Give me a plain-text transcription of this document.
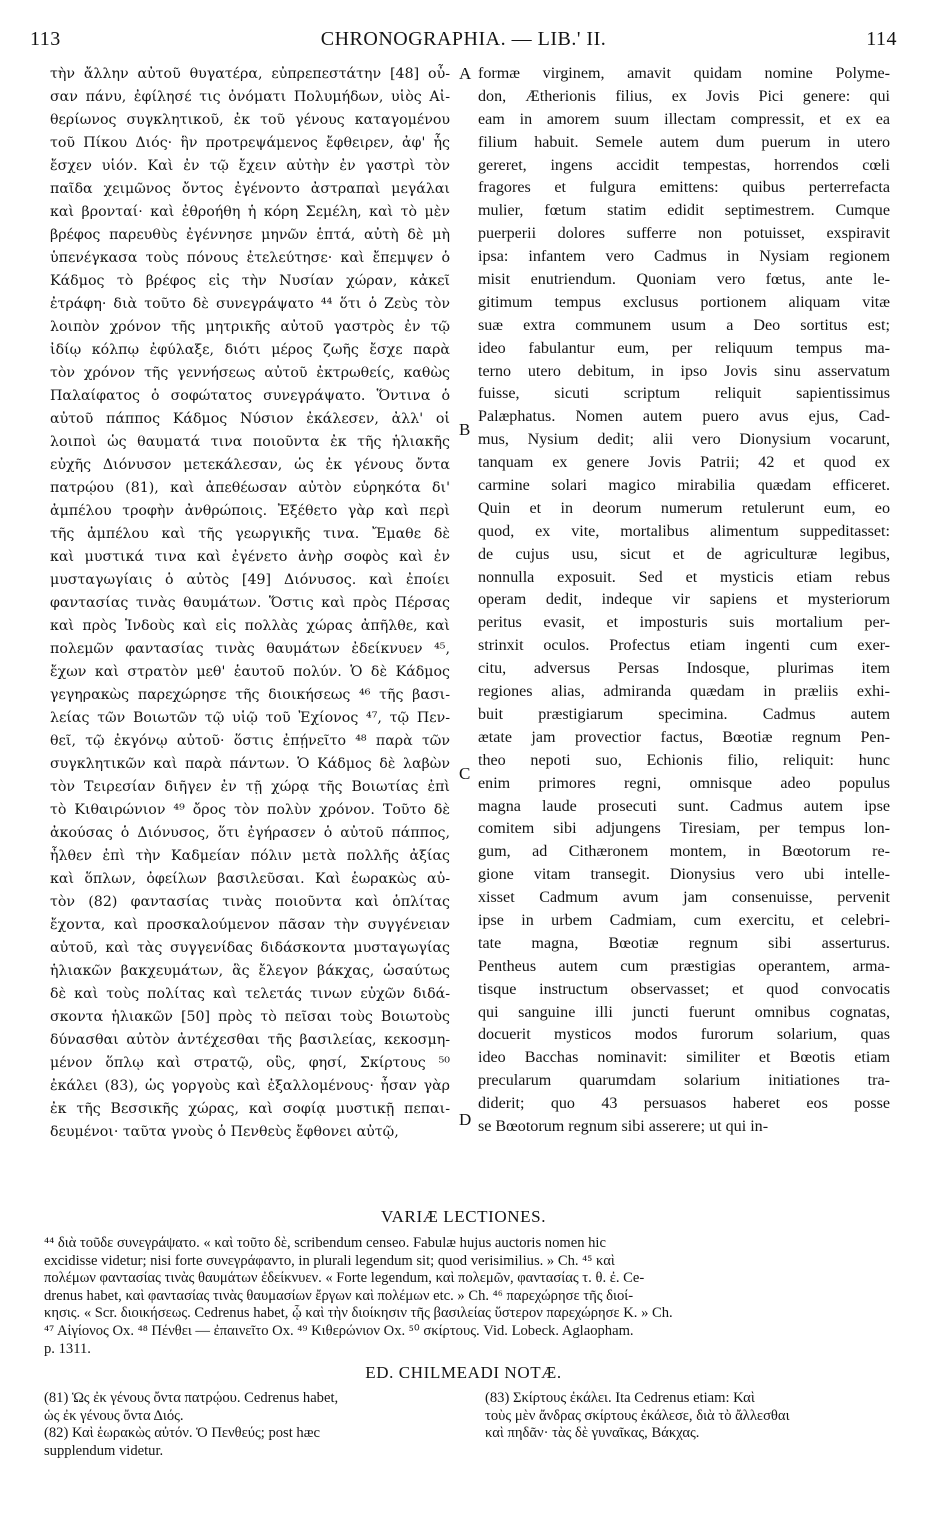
113	CHRONOGRAPHIA. — LIB.' II.	114
τὴν ἄλλην αὐτοῦ θυγατέρα, εὐπρεπεστάτην [48] οὖ-
σαν πάνυ, ἐφίλησέ τις ὀνόματι Πολυμήδων, υἱὸς Αἰ-
θερίωνος συγκλητικοῦ, ἐκ τοῦ γένους καταγομένου
τοῦ Πίκου Διός· ἣν προτρεψάμενος ἔφθειρεν, ἀφ' ἧς
ἔσχεν υἱόν. Καὶ ἐν τῷ ἔχειν αὐτὴν ἐν γαστρὶ τὸν
παῖδα χειμῶνος ὄντος ἐγένοντο ἀστραπαὶ μεγάλαι
καὶ βρονταί· καὶ ἐθροήθη ἡ κόρη Σεμέλη, καὶ τὸ μὲν
βρέφος παρευθὺς ἐγέννησε μηνῶν ἑπτά, αὐτὴ δὲ μὴ
ὑπενέγκασα τοὺς πόνους ἐτελεύτησε· καὶ ἔπεμψεν ὁ
Κάδμος τὸ βρέφος εἰς τὴν Νυσίαν χώραν, κἀκεῖ
ἐτράφη· διὰ τοῦτο δὲ συνεγράψατο ⁴⁴ ὅτι ὁ Ζεὺς τὸν
λοιπὸν χρόνον τῆς μητρικῆς αὐτοῦ γαστρὸς ἐν τῷ
ἰδίῳ κόλπῳ ἐφύλαξε, διότι μέρος ζωῆς ἔσχε παρὰ
τὸν χρόνον τῆς γεννήσεως αὐτοῦ ἐκτρωθείς, καθὼς
Παλαίφατος ὁ σοφώτατος συνεγράψατο. Ὅντινα ὁ
αὐτοῦ πάππος Κάδμος Νύσιον ἐκάλεσεν, ἀλλ' οἱ
λοιποὶ ὡς θαυματά τινα ποιοῦντα ἐκ τῆς ἡλιακῆς
εὐχῆς Διόνυσον μετεκάλεσαν, ὡς ἐκ γένους ὄντα
πατρῴου (81), καὶ ἀπεθέωσαν αὐτὸν εὑρηκότα δι'
ἀμπέλου τροφὴν ἀνθρώποις. Ἐξέθετο γὰρ καὶ περὶ
τῆς ἀμπέλου καὶ τῆς γεωργικῆς τινα. Ἔμαθε δὲ
καὶ μυστικά τινα καὶ ἐγένετο ἀνὴρ σοφὸς καὶ ἐν
μυσταγωγίαις ὁ αὐτὸς [49] Διόνυσος. καὶ ἐποίει
φαντασίας τινὰς θαυμάτων. Ὅστις καὶ πρὸς Πέρσας
καὶ πρὸς Ἰνδοὺς καὶ εἰς πολλὰς χώρας ἀπῆλθε, καὶ
πολεμῶν φαντασίας τινὰς θαυμάτων ἐδείκνυεν ⁴⁵,
ἔχων καὶ στρατὸν μεθ' ἑαυτοῦ πολύν. Ὁ δὲ Κάδμος
γεγηρακὼς παρεχώρησε τῆς διοικήσεως ⁴⁶ τῆς βασι-
λείας τῶν Βοιωτῶν τῷ υἱῷ τοῦ Ἐχίονος ⁴⁷, τῷ Πεν-
θεῖ, τῷ ἐκγόνῳ αὐτοῦ· ὅστις ἐπῄνεῖτο ⁴⁸ παρὰ τῶν
συγκλητικῶν καὶ παρὰ πάντων. Ὁ Κάδμος δὲ λαβὼν
τὸν Τειρεσίαν διῆγεν ἐν τῇ χώρᾳ τῆς Βοιωτίας ἐπὶ
τὸ Κιθαιρώνιον ⁴⁹ ὄρος τὸν πολὺν χρόνον. Τοῦτο δὲ
ἀκούσας ὁ Διόνυσος, ὅτι ἐγήρασεν ὁ αὐτοῦ πάππος,
ἦλθεν ἐπὶ τὴν Καδμείαν πόλιν μετὰ πολλῆς ἀξίας
καὶ ὅπλων, ὀφείλων βασιλεῦσαι. Καὶ ἑωρακὼς αὐ-
τὸν (82) φαντασίας τινὰς ποιοῦντα καὶ ὁπλίτας
ἔχοντα, καὶ προσκαλούμενον πᾶσαν τὴν συγγένειαν
αὐτοῦ, καὶ τὰς συγγενίδας διδάσκοντα μυσταγωγίας
ἡλιακῶν βακχευμάτων, ἃς ἔλεγον βάκχας, ὡσαύτως
δὲ καὶ τοὺς πολίτας καὶ τελετάς τινων εὐχῶν διδά-
σκοντα ἡλιακῶν [50] πρὸς τὸ πεῖσαι τοὺς Βοιωτοὺς
δύνασθαι αὐτὸν ἀντέχεσθαι τῆς βασιλείας, κεκοσμη-
μένον ὅπλῳ καὶ στρατῷ, οὓς, φησί, Σκίρτους ⁵⁰
ἐκάλει (83), ὡς γοργοὺς καὶ ἐξαλλομένους· ἦσαν γὰρ
ἐκ τῆς Βεσσικῆς χώρας, καὶ σοφίᾳ μυστικῇ πεπαι-
δευμένοι· ταῦτα γνοὺς ὁ Πενθεὺς ἔφθονει αὐτῷ,
formæ virginem, amavit quidam nomine Polyme-
don, Ætherionis filius, ex Jovis Pici genere: qui
eam in amorem suum illectam compressit, et ex ea
filium habuit. Semele autem dum puerum in utero
gereret, ingens accidit tempestas, horrendos cœli
fragores et fulgura emittens: quibus perterrefacta
mulier, fœtum statim edidit septimestrem. Cumque
puerperii dolores sufferre non potuisset, exspiravit
ipsa: infantem vero Cadmus in Nysiam regionem
misit enutriendum. Quoniam vero fœtus, ante le-
gitimum tempus exclusus portionem aliquam vitæ
suæ extra communem usum a Deo sortitus est;
ideo fabulantur eum, per reliquum tempus ma-
terno utero debitum, in ipso Jovis sinu asservatum
fuisse, sicuti scriptum reliquit sapientissimus
Palæphatus. Nomen autem puero avus ejus, Cad-
mus, Nysium dedit; alii vero Dionysium vocarunt,
tanquam ex genere Jovis Patrii; 42 et quod ex
carmine solari magico mirabilia quædam efficeret.
Quin et in deorum numerum retulerunt eum, eo
quod, ex vite, mortalibus alimentum suppeditasset:
de cujus usu, sicut et de agriculturæ legibus,
nonnulla exposuit. Sed et mysticis etiam rebus
operam dedit, indeque vir sapiens et mysteriorum
peritus evasit, et imposturis suis mortalium per-
strinxit oculos. Profectus etiam ingenti cum exer-
citu, adversus Persas Indosque, plurimas item
regiones alias, admiranda quædam in præliis exhi-
buit præstigiarum specimina. Cadmus autem
ætate jam provectior factus, Bœotiæ regnum Pen-
theo nepoti suo, Echionis filio, reliquit: hunc
enim primores regni, omnisque adeo populus
magna laude prosecuti sunt. Cadmus autem ipse
comitem sibi adjungens Tiresiam, per tempus lon-
gum, ad Cithæronem montem, in Bœotorum re-
gione vitam transegit. Dionysius vero ubi intelle-
xisset Cadmum avum jam consenuisse, pervenit
ipse in urbem Cadmiam, cum exercitu, et celebri-
tate magna, Bœotiæ regnum sibi asserturus.
Pentheus autem cum præstigias operantem, arma-
tisque instructum observasset; et quod convocatis
qui sanguine illi juncti fuerunt omnibus cognatas,
docuerit mysticos modos furorum solarium, quas
ideo Bacchas nominavit: similiter et Bœotis etiam
precularum quarumdam solarium initiationes tra-
diderit; quo 43 persuasos haberet eos posse
se Bœotorum regnum sibi asserere; ut qui in-
A
B
C
D
VARIÆ LECTIONES.
⁴⁴ διὰ τοῦδε συνεγράψατο. « καὶ τοῦτο δὲ, scribendum censeo. Fabulæ hujus auctoris nomen hic
excidisse videtur; nisi forte συνεγράφαντο, in plurali legendum sit; quod verisimilius. » Ch. ⁴⁵ καὶ
πολέμων φαντασίας τινὰς θαυμάτων ἐδείκνυεν. « Forte legendum, καὶ πολεμῶν, φαντασίας τ. θ. ἐ. Ce-
drenus habet, καὶ φαντασίας τινὰς θαυμασίων ἔργων καὶ πολέμων etc. » Ch. ⁴⁶ παρεχώρησε τῆς διοί-
κησις. « Scr. διοικήσεως. Cedrenus habet, ᾧ καὶ τὴν διοίκησιν τῆς βασιλείας ὕστερον παρεχώρησε Κ. » Ch.
⁴⁷ Αἰγίονος Ox. ⁴⁸ Πένθει — ἐπαινεῖτο Ox. ⁴⁹ Κιθερώνιον Ox. ⁵⁰ σκίρτους. Vid. Lobeck. Aglaopham.
p. 1311.
ED. CHILMEADI NOTÆ.
(81) Ὡς ἐκ γένους ὄντα πατρῴου. Cedrenus habet,
ὡς ἐκ γένους ὄντα Διός.
(82) Καὶ ἑωρακὼς αὐτόν. Ὁ Πενθεύς; post hæc
supplendum videtur.
(83) Σκίρτους ἐκάλει. Ita Cedrenus etiam: Καὶ
τοὺς μὲν ἄνδρας σκίρτους ἐκάλεσε, διὰ τὸ ἄλλεσθαι
καὶ πηδᾶν· τὰς δὲ γυναῖκας, Βάκχας.
